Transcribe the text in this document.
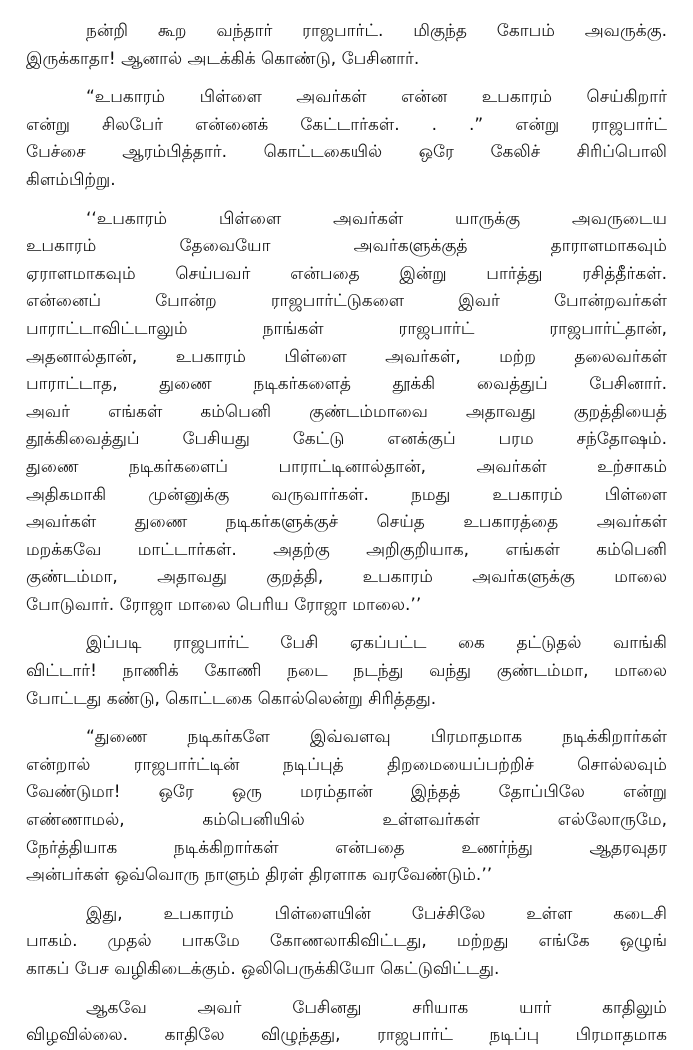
நன்றி கூற வந்தார் ராஜபார்ட். மிகுந்த கோபம் அவருக்கு.
இருக்காதா! ஆனால் அடக்கிக் கொண்டு, பேசினார்.

“உபகாரம் பிள்ளை அவர்கள் என்ன உபகாரம் செய்கிறார்
என்று சிலபேர் என்னைக் கேட்டார்கள். . .” என்று ராஜபார்ட்
பேச்சை ஆரம்பித்தார். கொட்டகையில் ஒரே கேலிச் சிரிப்பொலி
கிளம்பிற்று.

‘‘உபகாரம் பிள்ளை அவர்கள் யாருக்கு அவருடைய
உபகாரம் தேவையோ அவர்களுக்குத் தாராளமாகவும்
ஏராளமாகவும் செய்பவர் என்பதை இன்று பார்த்து ரசித்தீர்கள்.
என்னைப் போன்ற ராஜபார்ட்டுகளை இவர் போன்றவர்கள்
பாராட்டாவிட்டாலும் நாங்கள் ராஜபார்ட் ராஜபார்ட்தான்,
அதனால்தான், உபகாரம் பிள்ளை அவர்கள், மற்ற தலைவர்கள்
பாராட்டாத, துணை நடிகர்களைத் தூக்கி வைத்துப் பேசினார்.
அவர் எங்கள் கம்பெனி குண்டம்மாவை அதாவது குறத்தியைத்
தூக்கிவைத்துப் பேசியது கேட்டு எனக்குப் பரம சந்தோஷம்.
துணை நடிகர்களைப் பாராட்டினால்தான், அவர்கள் உற்சாகம்
அதிகமாகி முன்னுக்கு வருவார்கள். நமது உபகாரம் பிள்ளை
அவர்கள் துணை நடிகர்களுக்குச் செய்த உபகாரத்தை அவர்கள்
மறக்கவே மாட்டார்கள். அதற்கு அறிகுறியாக, எங்கள் கம்பெனி
குண்டம்மா, அதாவது குறத்தி, உபகாரம் அவர்களுக்கு மாலை
போடுவார். ரோஜா மாலை பெரிய ரோஜா மாலை.’’

இப்படி ராஜபார்ட் பேசி ஏகப்பட்ட கை தட்டுதல் வாங்கி
விட்டார்! நாணிக் கோணி நடை நடந்து வந்து குண்டம்மா, மாலை
போட்டது கண்டு, கொட்டகை கொல்லென்று சிரித்தது.

“துணை நடிகர்களே இவ்வளவு பிரமாதமாக நடிக்கிறார்கள்
என்றால் ராஜபார்ட்டின் நடிப்புத் திறமையைப்பற்றிச் சொல்லவும்
வேண்டுமா! ஒரே ஒரு மரம்தான் இந்தத் தோப்பிலே என்று
எண்ணாமல், கம்பெனியில் உள்ளவர்கள் எல்லோருமே,
நேர்த்தியாக நடிக்கிறார்கள் என்பதை உணர்ந்து ஆதரவுதர
அன்பர்கள் ஒவ்வொரு நாளும் திரள் திரளாக வரவேண்டும்.’’

இது, உபகாரம் பிள்ளையின் பேச்சிலே உள்ள கடைசி
பாகம். முதல் பாகமே கோணலாகிவிட்டது, மற்றது எங்கே ஒழுங்
காகப் பேச வழிகிடைக்கும். ஒலிபெருக்கியோ கெட்டுவிட்டது.

ஆகவே அவர் பேசினது சரியாக யார் காதிலும்
விழவில்லை. காதிலே விழுந்தது, ராஜபார்ட் நடிப்பு பிரமாதமாக
